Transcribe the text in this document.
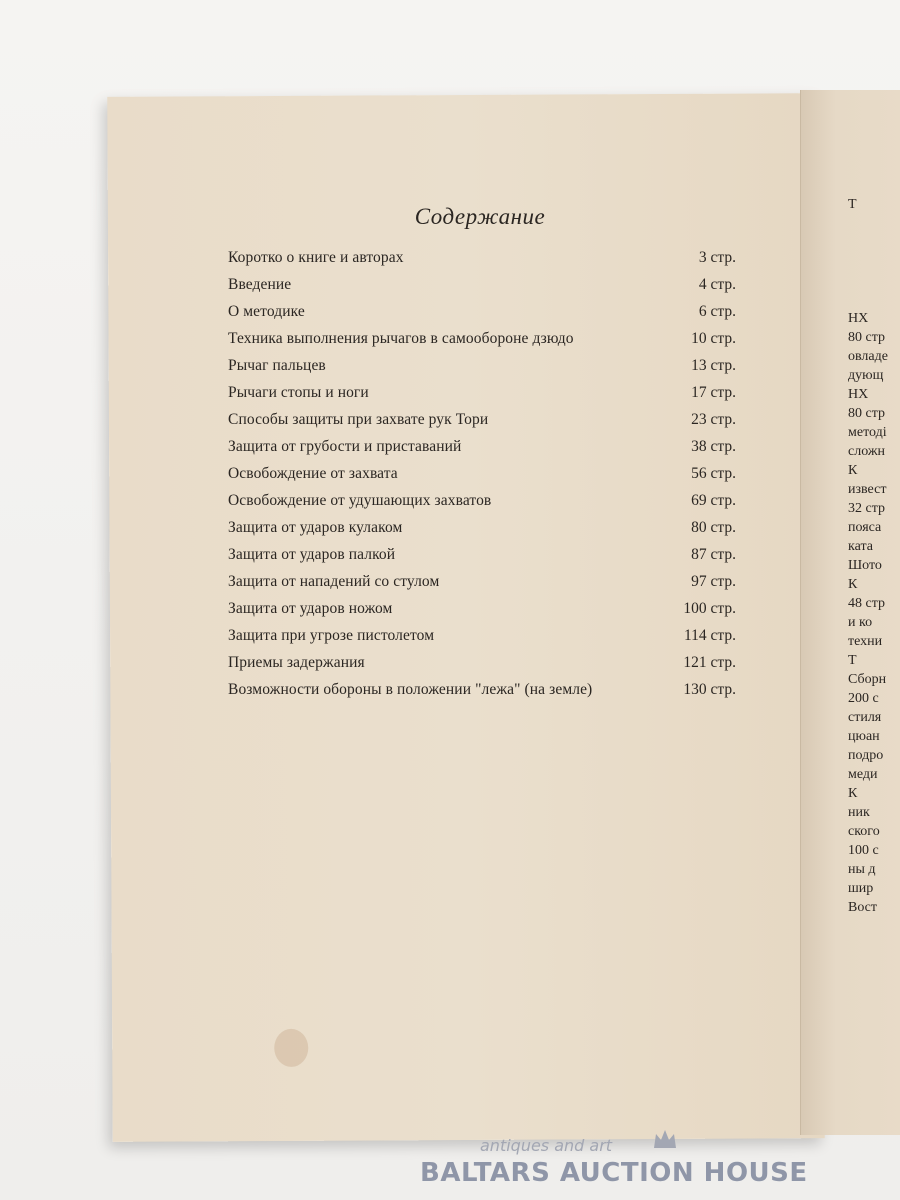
Т
НХ
80 стр
овладе
дующ
НХ
80 стр
методі
сложн
К
извест
32 стр
пояса
ката
Шото
К
48 стр
и ко
техни
Т
Сборн
200 с
стиля
цюан
подро
меди
К
ник
ского
100 с
ны д
шир
Вост
Содержание
Коротко о книге и авторах	3 стр.
Введение	4 стр.
О методике	6 стр.
Техника выполнения рычагов в самообороне дзюдо	10 стр.
Рычаг пальцев	13 стр.
Рычаги стопы и ноги	17 стр.
Способы защиты при захвате рук Тори	23 стр.
Защита от грубости и приставаний	38 стр.
Освобождение от захвата	56 стр.
Освобождение от удушающих захватов	69 стр.
Защита от ударов кулаком	80 стр.
Защита от ударов палкой	87 стр.
Защита от нападений со стулом	97 стр.
Защита от ударов ножом	100 стр.
Защита при угрозе пистолетом	114 стр.
Приемы задержания	121 стр.
Возможности обороны в положении "лежа" (на земле)	130 стр.
antiques and art
BALTARS AUCTION HOUSE
